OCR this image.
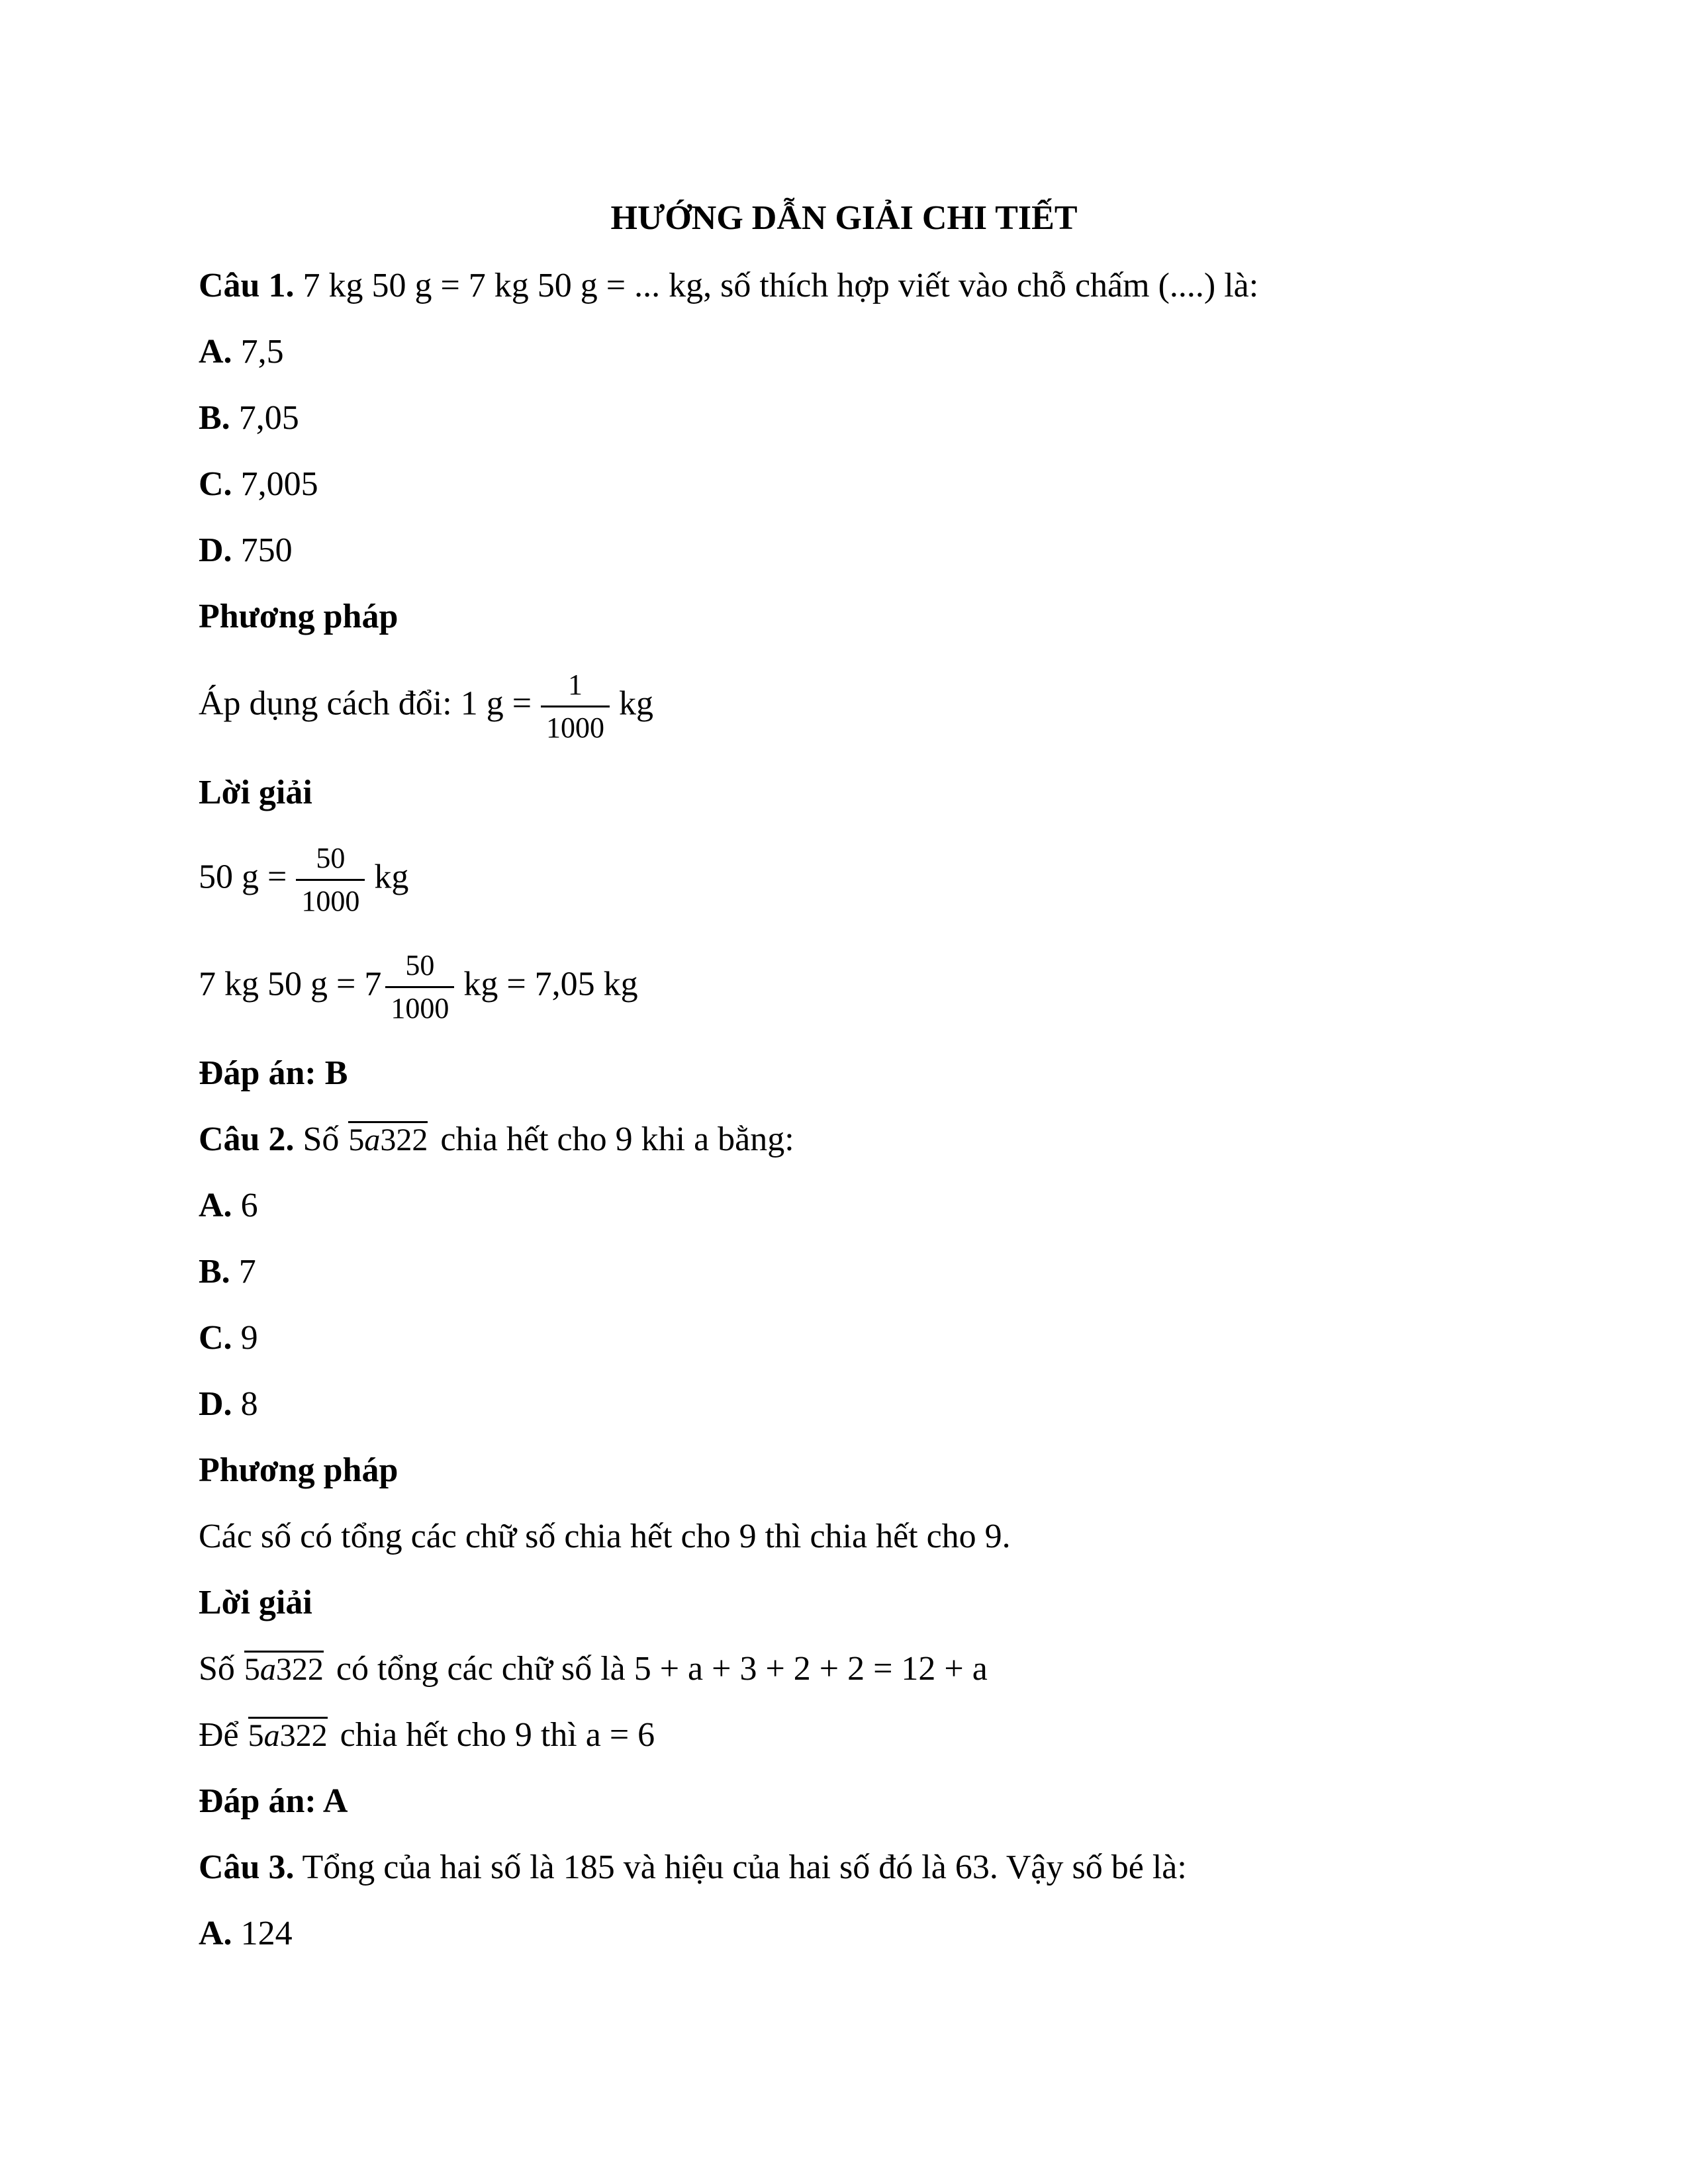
HƯỚNG DẪN GIẢI CHI TIẾT
Câu 1. 7 kg 50 g = 7 kg 50 g = ... kg, số thích hợp viết vào chỗ chấm (....) là:
A. 7,5
B. 7,05
C. 7,005
D. 750
Phương pháp
Áp dụng cách đổi: 1 $g = \frac{1}{1000}$ kg
Lời giải
50 $g = \frac{50}{1000}$ kg
7 kg 50 $g = 7 \frac{50}{1000}$ kg = 7,05 kg
Đáp án: B
Câu 2. Số 5a322 chia hết cho 9 khi a bằng:
A. 6
B. 7
C. 9
D. 8
Phương pháp
Các số có tổng các chữ số chia hết cho 9 thì chia hết cho 9.
Lời giải
Số 5a322 có tổng các chữ số là 5 + a + 3 + 2 + 2 = 12 + a
Để 5a322 chia hết cho 9 thì a = 6
Đáp án: A
Câu 3. Tổng của hai số là 185 và hiệu của hai số đó là 63. Vậy số bé là:
A. 124
